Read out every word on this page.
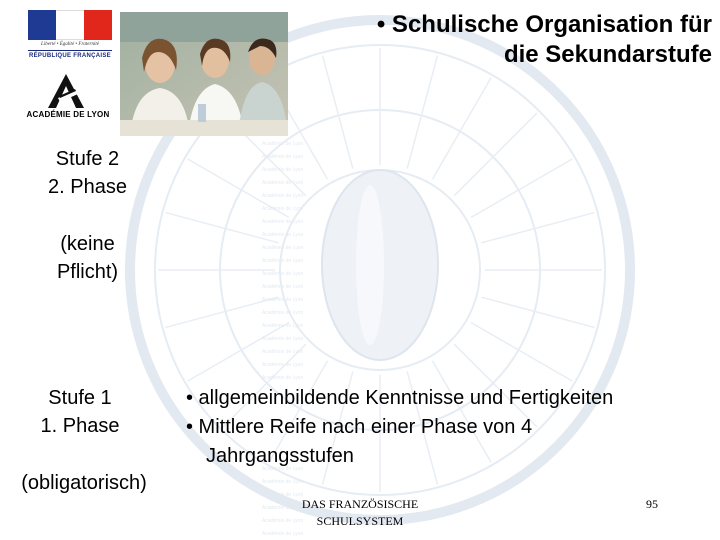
Académie de Lyon
Académie de Lyon
Académie de Lyon
Académie de Lyon
Académie de Lyon
Académie de Lyon
Académie de Lyon
Académie de Lyon
Académie de Lyon
Académie de Lyon
Académie de Lyon
Académie de Lyon
Académie de Lyon
Académie de Lyon
Académie de Lyon
Académie de Lyon
Académie de Lyon
Académie de Lyon
Académie de Lyon
Académie de Lyon
Académie de Lyon
Académie de Lyon
Académie de Lyon
Académie de Lyon
Académie de Lyon
Liberté • Égalité • Fraternité
RÉPUBLIQUE FRANÇAISE
ACADÉMIE DE LYON
• Schulische Organisation für
die Sekundarstufe
Stufe 2
2. Phase
(keine
Pflicht)
Stufe 1
1. Phase
(obligatorisch)
• allgemeinbildende Kenntnisse und Fertigkeiten
• Mittlere Reife nach einer Phase von 4
Jahrgangsstufen
DAS FRANZÖSISCHE
SCHULSYSTEM
95
